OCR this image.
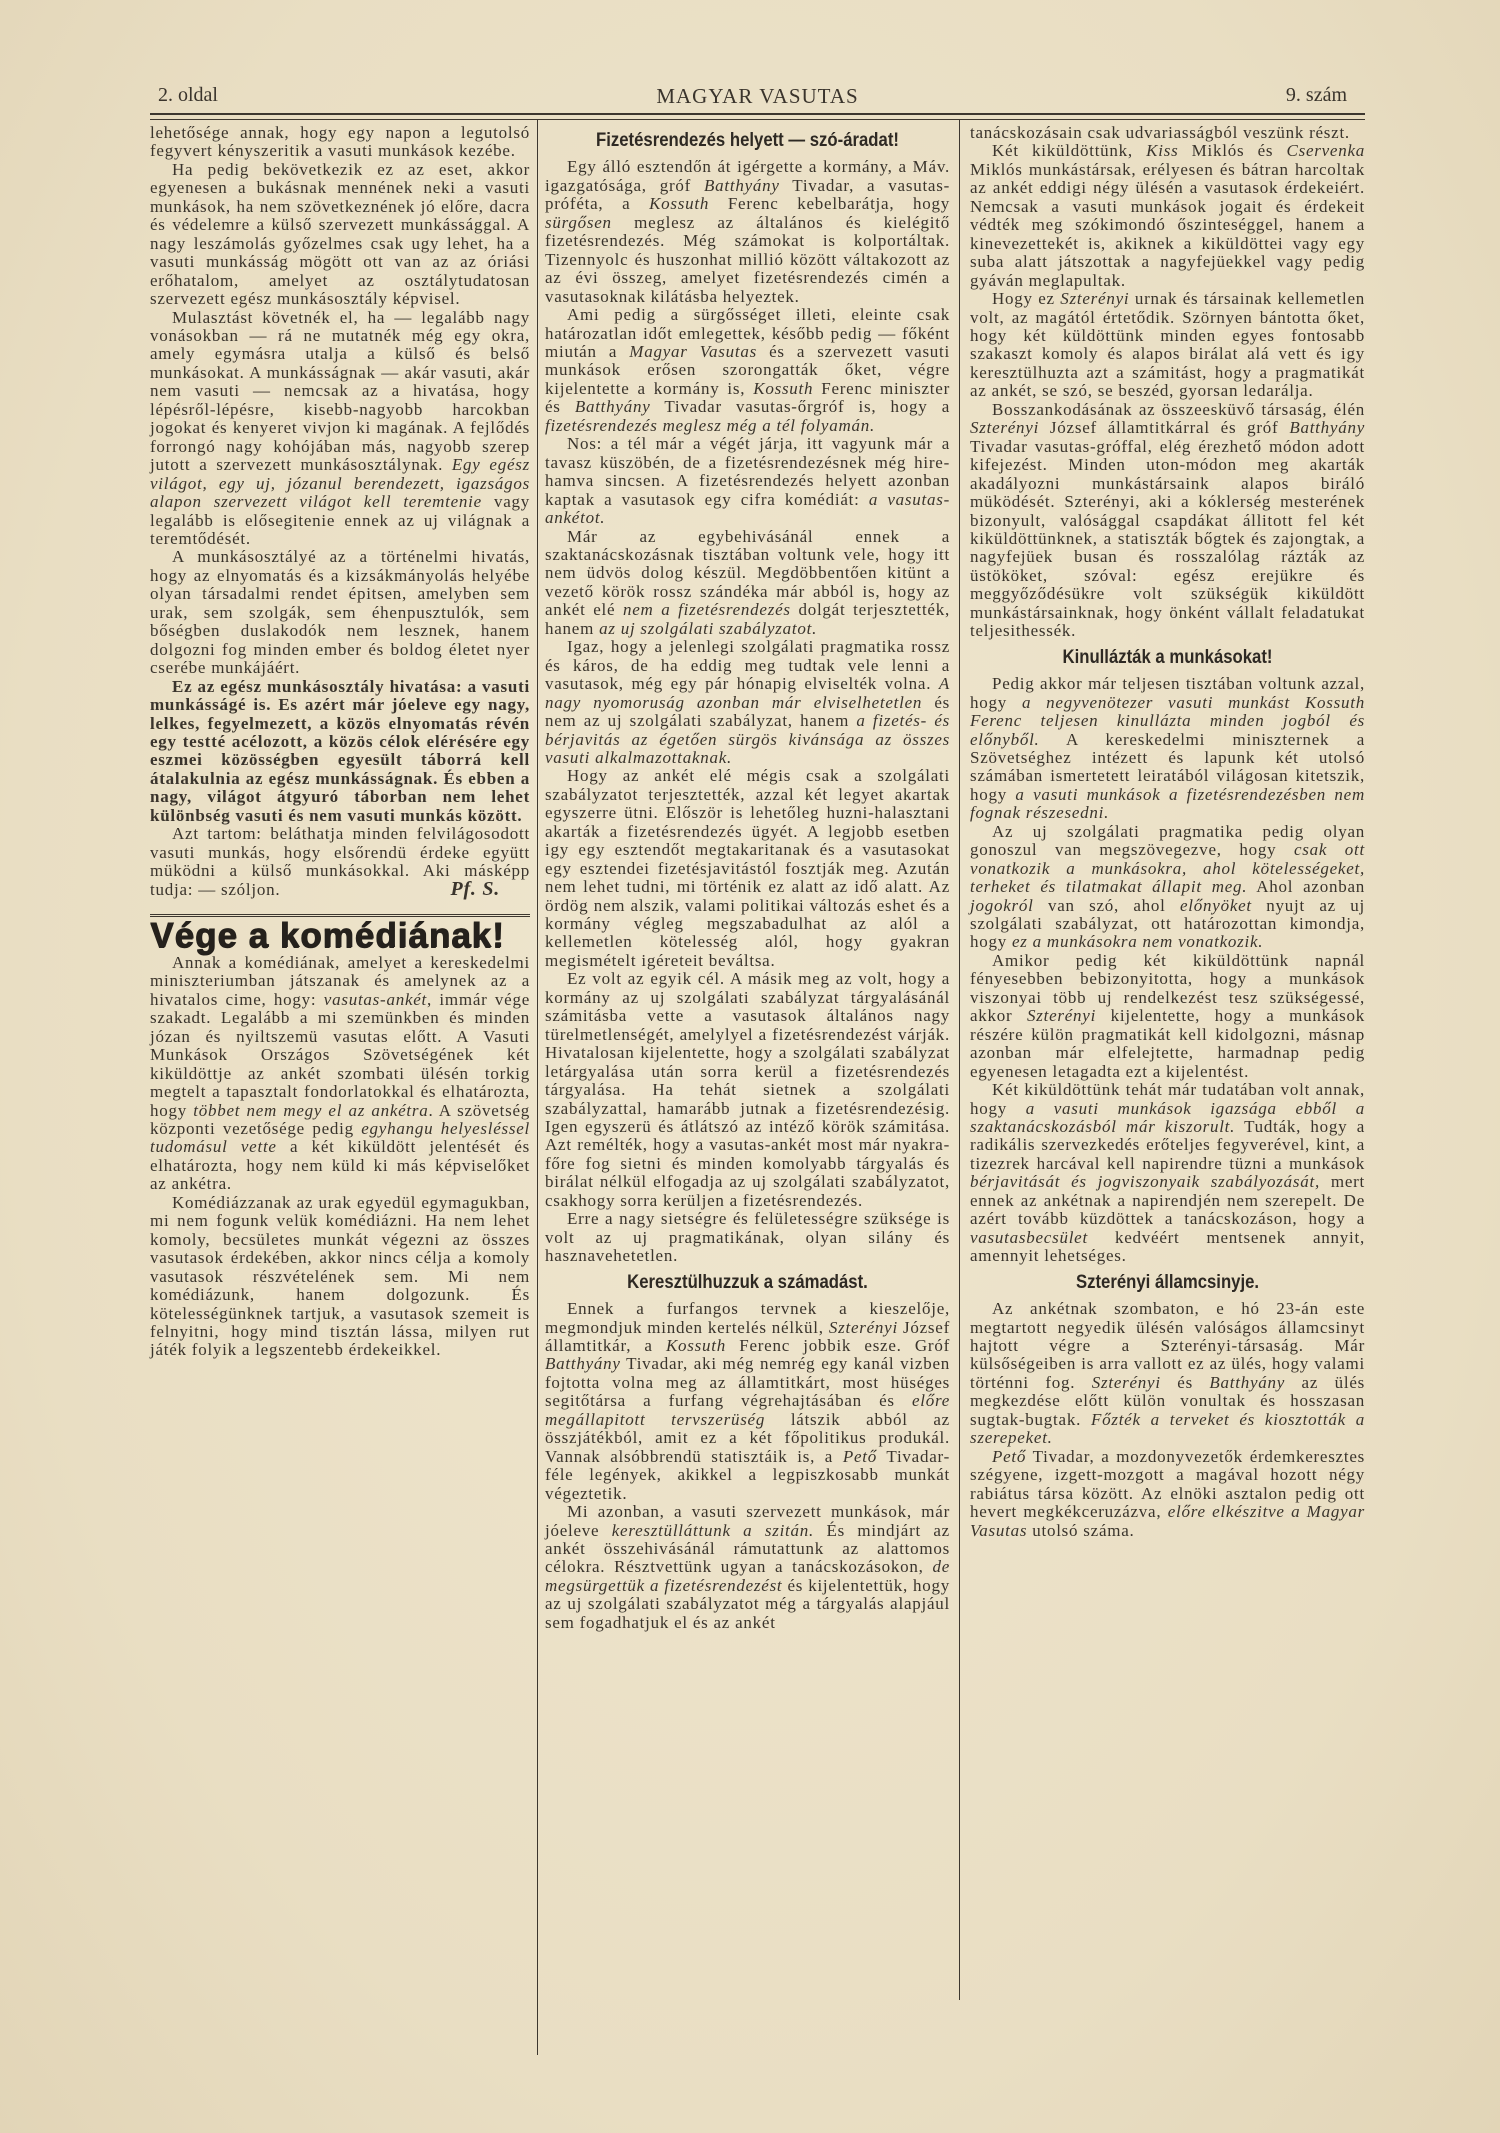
2. oldal	MAGYAR VASUTAS	9. szám

lehetősége annak, hogy egy napon a legutolsó fegyvert kényszeritik a vasuti munkások kezébe.

Ha pedig bekövetkezik ez az eset, akkor egyenesen a bukásnak mennének neki a vasuti munkások, ha nem szövetkeznének jó előre, dacra és védelemre a külső szervezett munkássággal. A nagy leszámolás győzelmes csak ugy lehet, ha a vasuti munkásság mögött ott van az az óriási erőhatalom, amelyet az osztálytudatosan szervezett egész munkásosztály képvisel.

Mulasztást követnék el, ha — legalább nagy vonásokban — rá ne mutatnék még egy okra, amely egymásra utalja a külső és belső munkásokat. A munkásságnak — akár vasuti, akár nem vasuti — nemcsak az a hivatása, hogy lépésről-lépésre, kisebb-nagyobb harcokban jogokat és kenyeret vivjon ki magának. A fejlődés forrongó nagy kohójában más, nagyobb szerep jutott a szervezett munkásosztálynak. Egy egész világot, egy uj, józanul berendezett, igazságos alapon szervezett világot kell teremtenie vagy legalább is elősegitenie ennek az uj világnak a teremtődését.

A munkásosztályé az a történelmi hivatás, hogy az elnyomatás és a kizsákmányolás helyébe olyan társadalmi rendet épitsen, amelyben sem urak, sem szolgák, sem éhenpusztulók, sem bőségben duslakodók nem lesznek, hanem dolgozni fog minden ember és boldog életet nyer cserébe munkájáért.

Ez az egész munkásosztály hivatása: a vasuti munkásságé is. Es azért már jóeleve egy nagy, lelkes, fegyelmezett, a közös elnyomatás révén egy testté acélozott, a közös célok elérésére egy eszmei közösségben egyesült táborrá kell átalakulnia az egész munkásságnak. És ebben a nagy, világot átgyuró táborban nem lehet különbség vasuti és nem vasuti munkás között.

Azt tartom: beláthatja minden felvilágosodott vasuti munkás, hogy elsőrendü érdeke együtt müködni a külső munkásokkal. Aki másképp tudja: — szóljon.	Pf. S.
Vége a komédiának!

Annak a komédiának, amelyet a kereskedelmi miniszteriumban játszanak és amelynek az a hivatalos cime, hogy: vasutas-ankét, immár vége szakadt. Legalább a mi szemünkben és minden józan és nyiltszemü vasutas előtt. A Vasuti Munkások Országos Szövetségének két kiküldöttje az ankét szombati ülésén torkig megtelt a tapasztalt fondorlatokkal és elhatározta, hogy többet nem megy el az ankétra. A szövetség központi vezetősége pedig egyhangu helyesléssel tudomásul vette a két kiküldött jelentését és elhatározta, hogy nem küld ki más képviselőket az ankétra.

Komédiázzanak az urak egyedül egymagukban, mi nem fogunk velük komédiázni. Ha nem lehet komoly, becsületes munkát végezni az összes vasutasok érdekében, akkor nincs célja a komoly vasutasok részvételének sem. Mi nem komédiázunk, hanem dolgozunk. És kötelességünknek tartjuk, a vasutasok szemeit is felnyitni, hogy mind tisztán lássa, milyen rut játék folyik a legszentebb érdekeikkel.

Fizetésrendezés helyett — szó-áradat!

Egy álló esztendőn át igérgette a kormány, a Máv. igazgatósága, gróf Batthyány Tivadar, a vasutas-próféta, a Kossuth Ferenc kebelbarátja, hogy sürgősen meglesz az általános és kielégitő fizetésrendezés. Még számokat is kolportáltak. Tizennyolc és huszonhat millió között váltakozott az az évi összeg, amelyet fizetésrendezés cimén a vasutasoknak kilátásba helyeztek.

Ami pedig a sürgősséget illeti, eleinte csak határozatlan időt emlegettek, később pedig — főként miután a Magyar Vasutas és a szervezett vasuti munkások erősen szorongatták őket, végre kijelentette a kormány is, Kossuth Ferenc miniszter és Batthyány Tivadar vasutas-őrgróf is, hogy a fizetésrendezés meglesz még a tél folyamán.

Nos: a tél már a végét járja, itt vagyunk már a tavasz küszöbén, de a fizetésrendezésnek még hire-hamva sincsen. A fizetésrendezés helyett azonban kaptak a vasutasok egy cifra komédiát: a vasutas-ankétot.

Már az egybehivásánál ennek a szaktanácskozásnak tisztában voltunk vele, hogy itt nem üdvös dolog készül. Megdöbbentően kitünt a vezető körök rossz szándéka már abból is, hogy az ankét elé nem a fizetésrendezés dolgát terjesztették, hanem az uj szolgálati szabályzatot.

Igaz, hogy a jelenlegi szolgálati pragmatika rossz és káros, de ha eddig meg tudtak vele lenni a vasutasok, még egy pár hónapig elviselték volna. A nagy nyomoruság azonban már elviselhetetlen és nem az uj szolgálati szabályzat, hanem a fizetés- és bérjavitás az égetően sürgös kivánsága az összes vasuti alkalmazottaknak.

Hogy az ankét elé mégis csak a szolgálati szabályzatot terjesztették, azzal két legyet akartak egyszerre ütni. Először is lehetőleg huzni-halasztani akarták a fizetésrendezés ügyét. A legjobb esetben igy egy esztendőt megtakaritanak és a vasutasokat egy esztendei fizetésjavitástól fosztják meg. Azután nem lehet tudni, mi történik ez alatt az idő alatt. Az ördög nem alszik, valami politikai változás eshet és a kormány végleg megszabadulhat az alól a kellemetlen kötelesség alól, hogy gyakran megismételt igéreteit beváltsa.

Ez volt az egyik cél. A másik meg az volt, hogy a kormány az uj szolgálati szabályzat tárgyalásánál számitásba vette a vasutasok általános nagy türelmetlenségét, amelylyel a fizetésrendezést várják. Hivatalosan kijelentette, hogy a szolgálati szabályzat letárgyalása után sorra kerül a fizetésrendezés tárgyalása. Ha tehát sietnek a szolgálati szabályzattal, hamarább jutnak a fizetésrendezésig. Igen egyszerü és átlátszó az intéző körök számitása. Azt remélték, hogy a vasutas-ankét most már nyakra-főre fog sietni és minden komolyabb tárgyalás és birálat nélkül elfogadja az uj szolgálati szabályzatot, csakhogy sorra kerüljen a fizetésrendezés.

Erre a nagy sietségre és felületességre szüksége is volt az uj pragmatikának, olyan silány és hasznavehetetlen.

Keresztülhuzzuk a számadást.

Ennek a furfangos tervnek a kieszelője, megmondjuk minden kertelés nélkül, Szterényi József államtitkár, a Kossuth Ferenc jobbik esze. Gróf Batthyány Tivadar, aki még nemrég egy kanál vizben fojtotta volna meg az államtitkárt, most hüséges segitőtársa a furfang végrehajtásában és előre megállapitott tervszerüség látszik abból az összjátékból, amit ez a két főpolitikus produkál. Vannak alsóbbrendü statisztáik is, a Pető Tivadar-féle legények, akikkel a legpiszkosabb munkát végeztetik.

Mi azonban, a vasuti szervezett munkások, már jóeleve keresztülláttunk a szitán. És mindjárt az ankét összehivásánál rámutattunk az alattomos célokra. Résztvettünk ugyan a tanácskozásokon, de megsürgettük a fizetésrendezést és kijelentettük, hogy az uj szolgálati szabályzatot még a tárgyalás alapjául sem fogadhatjuk el és az ankét

tanácskozásain csak udvariasságból veszünk részt.

Két kiküldöttünk, Kiss Miklós és Cservenka Miklós munkástársak, erélyesen és bátran harcoltak az ankét eddigi négy ülésén a vasutasok érdekeiért. Nemcsak a vasuti munkások jogait és érdekeit védték meg szókimondó őszinteséggel, hanem a kinevezettekét is, akiknek a kiküldöttei vagy egy suba alatt játszottak a nagyfejüekkel vagy pedig gyáván meglapultak.

Hogy ez Szterényi urnak és társainak kellemetlen volt, az magától értetődik. Szörnyen bántotta őket, hogy két küldöttünk minden egyes fontosabb szakaszt komoly és alapos birálat alá vett és igy keresztülhuzta azt a számitást, hogy a pragmatikát az ankét, se szó, se beszéd, gyorsan ledarálja.

Bosszankodásának az összeesküvő társaság, élén Szterényi József államtitkárral és gróf Batthyány Tivadar vasutas-gróffal, elég érezhető módon adott kifejezést. Minden uton-módon meg akarták akadályozni munkástársaink alapos biráló müködését. Szterényi, aki a kóklerség mesterének bizonyult, valósággal csapdákat állitott fel két kiküldöttünknek, a statiszták bőgtek és zajongtak, a nagyfejüek busan és rosszalólag rázták az üstököket, szóval: egész erejükre és meggyőződésükre volt szükségük kiküldött munkástársainknak, hogy önként vállalt feladatukat teljesithessék.

Kinullázták a munkásokat!

Pedig akkor már teljesen tisztában voltunk azzal, hogy a negyvenötezer vasuti munkást Kossuth Ferenc teljesen kinullázta minden jogból és előnyből. A kereskedelmi miniszternek a Szövetséghez intézett és lapunk két utolsó számában ismertetett leiratából világosan kitetszik, hogy a vasuti munkások a fizetésrendezésben nem fognak részesedni.

Az uj szolgálati pragmatika pedig olyan gonoszul van megszövegezve, hogy csak ott vonatkozik a munkásokra, ahol kötelességeket, terheket és tilatmakat állapit meg. Ahol azonban jogokról van szó, ahol előnyöket nyujt az uj szolgálati szabályzat, ott határozottan kimondja, hogy ez a munkásokra nem vonatkozik.

Amikor pedig két kiküldöttünk napnál fényesebben bebizonyitotta, hogy a munkások viszonyai több uj rendelkezést tesz szükségessé, akkor Szterényi kijelentette, hogy a munkások részére külön pragmatikát kell kidolgozni, másnap azonban már elfelejtette, harmadnap pedig egyenesen letagadta ezt a kijelentést.

Két kiküldöttünk tehát már tudatában volt annak, hogy a vasuti munkások igazsága ebből a szaktanácskozásból már kiszorult. Tudták, hogy a radikális szervezkedés erőteljes fegyverével, kint, a tizezrek harcával kell napirendre tüzni a munkások bérjavitását és jogviszonyaik szabályozását, mert ennek az ankétnak a napirendjén nem szerepelt. De azért tovább küzdöttek a tanácskozáson, hogy a vasutasbecsület kedvéért mentsenek annyit, amennyit lehetséges.

Szterényi államcsinyje.

Az ankétnak szombaton, e hó 23-án este megtartott negyedik ülésén valóságos államcsinyt hajtott végre a Szterényi-társaság. Már külsőségeiben is arra vallott ez az ülés, hogy valami történni fog. Szterényi és Batthyány az ülés megkezdése előtt külön vonultak és hosszasan sugtak-bugtak. Főzték a terveket és kiosztották a szerepeket.

Pető Tivadar, a mozdonyvezetők érdemkeresztes szégyene, izgett-mozgott a magával hozott négy rabiátus társa között. Az elnöki asztalon pedig ott hevert megkékceruzázva, előre elkészitve a Magyar Vasutas utolsó száma.
